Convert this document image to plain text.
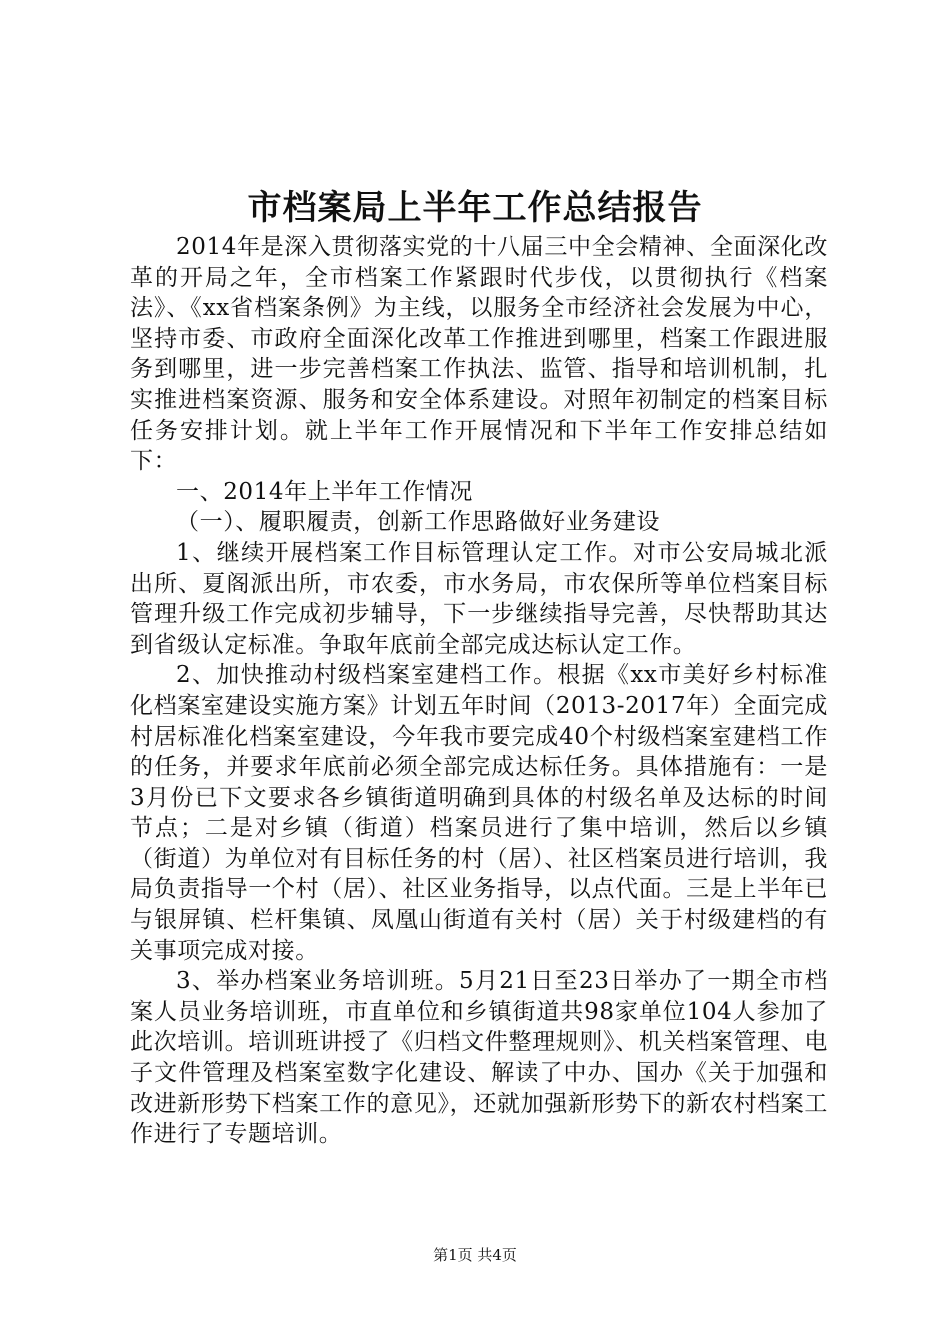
市档案局上半年工作总结报告

2014年是深入贯彻落实党的十八届三中全会精神、全面深化改革的开局之年，全市档案工作紧跟时代步伐，以贯彻执行《档案法》、《xx省档案条例》为主线，以服务全市经济社会发展为中心，坚持市委、市政府全面深化改革工作推进到哪里，档案工作跟进服务到哪里，进一步完善档案工作执法、监管、指导和培训机制，扎实推进档案资源、服务和安全体系建设。对照年初制定的档案目标任务安排计划。就上半年工作开展情况和下半年工作安排总结如下：

一、2014年上半年工作情况

（一）、履职履责，创新工作思路做好业务建设

1、继续开展档案工作目标管理认定工作。对市公安局城北派出所、夏阁派出所，市农委，市水务局，市农保所等单位档案目标管理升级工作完成初步辅导，下一步继续指导完善，尽快帮助其达到省级认定标准。争取年底前全部完成达标认定工作。

2、加快推动村级档案室建档工作。根据《xx市美好乡村标准化档案室建设实施方案》计划五年时间（2013-2017年）全面完成村居标准化档案室建设，今年我市要完成40个村级档案室建档工作的任务，并要求年底前必须全部完成达标任务。具体措施有：一是3月份已下文要求各乡镇街道明确到具体的村级名单及达标的时间节点；二是对乡镇（街道）档案员进行了集中培训，然后以乡镇（街道）为单位对有目标任务的村（居）、社区档案员进行培训，我局负责指导一个村（居）、社区业务指导，以点代面。三是上半年已与银屏镇、栏杆集镇、凤凰山街道有关村（居）关于村级建档的有关事项完成对接。

3、举办档案业务培训班。5月21日至23日举办了一期全市档案人员业务培训班，市直单位和乡镇街道共98家单位104人参加了此次培训。培训班讲授了《归档文件整理规则》、机关档案管理、电子文件管理及档案室数字化建设、解读了中办、国办《关于加强和改进新形势下档案工作的意见》，还就加强新形势下的新农村档案工作进行了专题培训。

第1页 共4页
